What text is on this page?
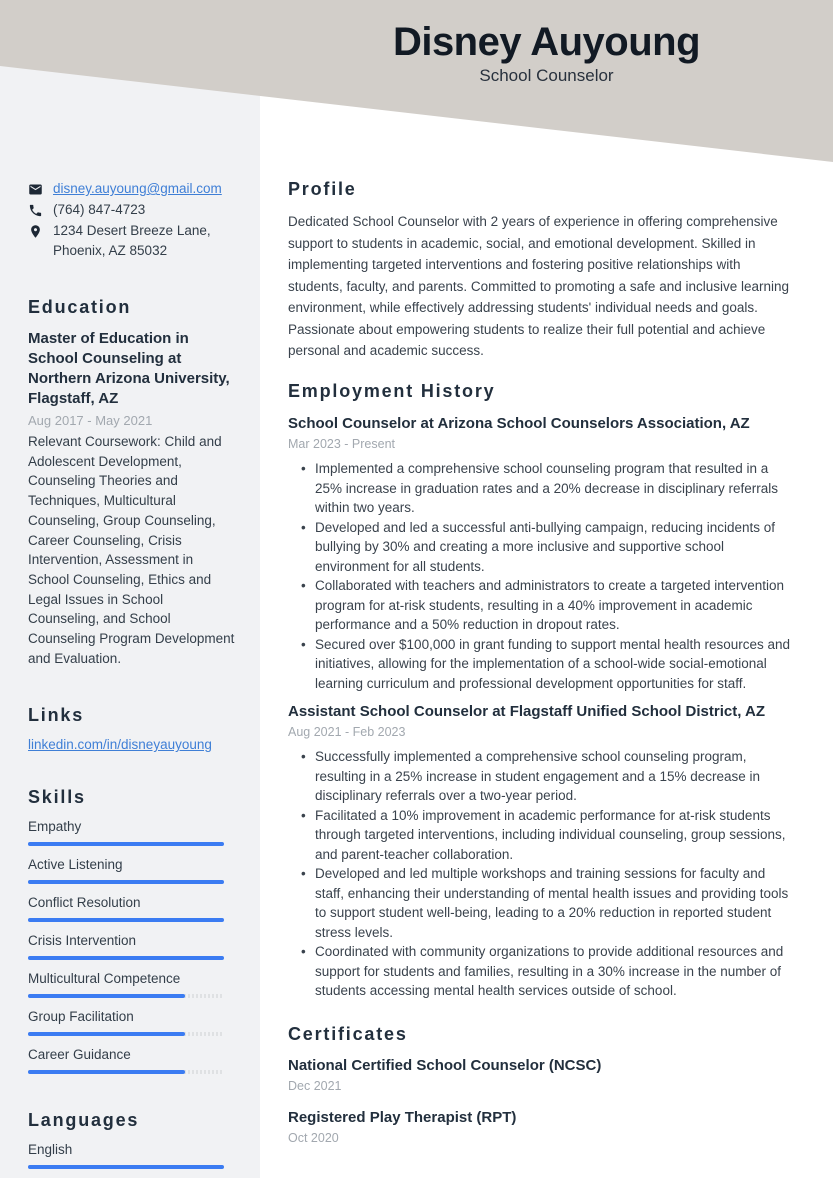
Disney Auyoung
School Counselor
disney.auyoung@gmail.com
(764) 847-4723
1234 Desert Breeze Lane,
Phoenix, AZ 85032
Education
Master of Education in School Counseling at Northern Arizona University, Flagstaff, AZ
Aug 2017 - May 2021
Relevant Coursework: Child and Adolescent Development, Counseling Theories and Techniques, Multicultural Counseling, Group Counseling, Career Counseling, Crisis Intervention, Assessment in School Counseling, Ethics and Legal Issues in School Counseling, and School Counseling Program Development and Evaluation.
Links
linkedin.com/in/disneyauyoung
Skills
Empathy
Active Listening
Conflict Resolution
Crisis Intervention
Multicultural Competence
Group Facilitation
Career Guidance
Languages
English
Profile
Dedicated School Counselor with 2 years of experience in offering comprehensive support to students in academic, social, and emotional development. Skilled in implementing targeted interventions and fostering positive relationships with students, faculty, and parents. Committed to promoting a safe and inclusive learning environment, while effectively addressing students' individual needs and goals. Passionate about empowering students to realize their full potential and achieve personal and academic success.
Employment History
School Counselor at Arizona School Counselors Association, AZ
Mar 2023 - Present
• Implemented a comprehensive school counseling program that resulted in a 25% increase in graduation rates and a 20% decrease in disciplinary referrals within two years.
• Developed and led a successful anti-bullying campaign, reducing incidents of bullying by 30% and creating a more inclusive and supportive school environment for all students.
• Collaborated with teachers and administrators to create a targeted intervention program for at-risk students, resulting in a 40% improvement in academic performance and a 50% reduction in dropout rates.
• Secured over $100,000 in grant funding to support mental health resources and initiatives, allowing for the implementation of a school-wide social-emotional learning curriculum and professional development opportunities for staff.
Assistant School Counselor at Flagstaff Unified School District, AZ
Aug 2021 - Feb 2023
• Successfully implemented a comprehensive school counseling program, resulting in a 25% increase in student engagement and a 15% decrease in disciplinary referrals over a two-year period.
• Facilitated a 10% improvement in academic performance for at-risk students through targeted interventions, including individual counseling, group sessions, and parent-teacher collaboration.
• Developed and led multiple workshops and training sessions for faculty and staff, enhancing their understanding of mental health issues and providing tools to support student well-being, leading to a 20% reduction in reported student stress levels.
• Coordinated with community organizations to provide additional resources and support for students and families, resulting in a 30% increase in the number of students accessing mental health services outside of school.
Certificates
National Certified School Counselor (NCSC)
Dec 2021
Registered Play Therapist (RPT)
Oct 2020
